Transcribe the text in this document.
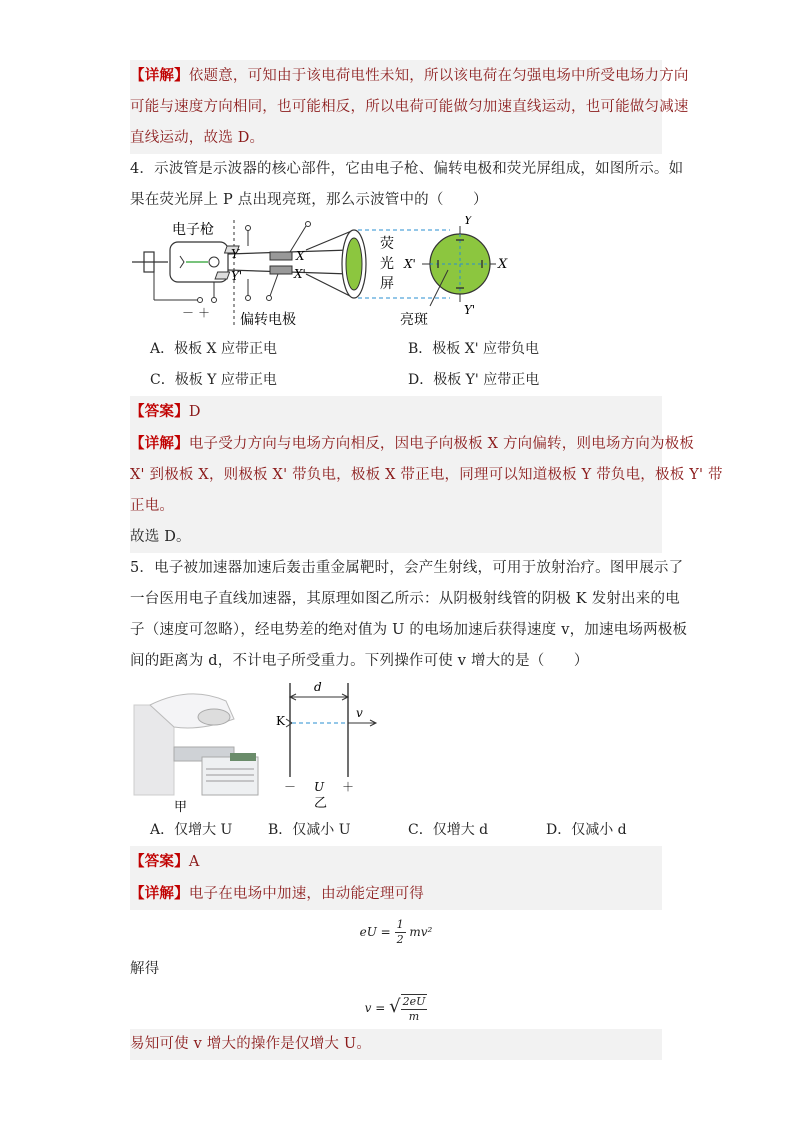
【详解】依题意，可知由于该电荷电性未知，所以该电荷在匀强电场中所受电场力方向
可能与速度方向相同，也可能相反，所以电荷可能做匀加速直线运动，也可能做匀减速
直线运动，故选 D。
4．示波管是示波器的核心部件，它由电子枪、偏转电极和荧光屏组成，如图所示。如
果在荧光屏上 P 点出现亮斑，那么示波管中的（　　）
电子枪
－ ＋
Y
Y'
X
X'
偏转电极
荧
光
屏
X'	X
Y
Y'
亮斑
A．极板 X 应带正电	B．极板 X' 应带负电
C．极板 Y 应带正电	D．极板 Y' 应带正电
【答案】D
【详解】电子受力方向与电场方向相反，因电子向极板 X 方向偏转，则电场方向为极板
X' 到极板 X，则极板 X' 带负电，极板 X 带正电，同理可以知道极板 Y 带负电，极板 Y' 带
正电。
故选 D。
5．电子被加速器加速后轰击重金属靶时，会产生射线，可用于放射治疗。图甲展示了
一台医用电子直线加速器，其原理如图乙所示：从阴极射线管的阴极 K 发射出来的电
子（速度可忽略），经电势差的绝对值为 U 的电场加速后获得速度 v，加速电场两极板
间的距离为 d，不计电子所受重力。下列操作可使 v 增大的是（　　）
甲
d
K
v
－	＋
U
乙
A．仅增大 U	B．仅减小 U	C．仅增大 d	D．仅减小 d
【答案】A
【详解】电子在电场中加速，由动能定理可得
eU = $\frac{1}{2} mv^2$
解得
v = √ $\frac{2eU}{m}$
易知可使 v 增大的操作是仅增大 U。
